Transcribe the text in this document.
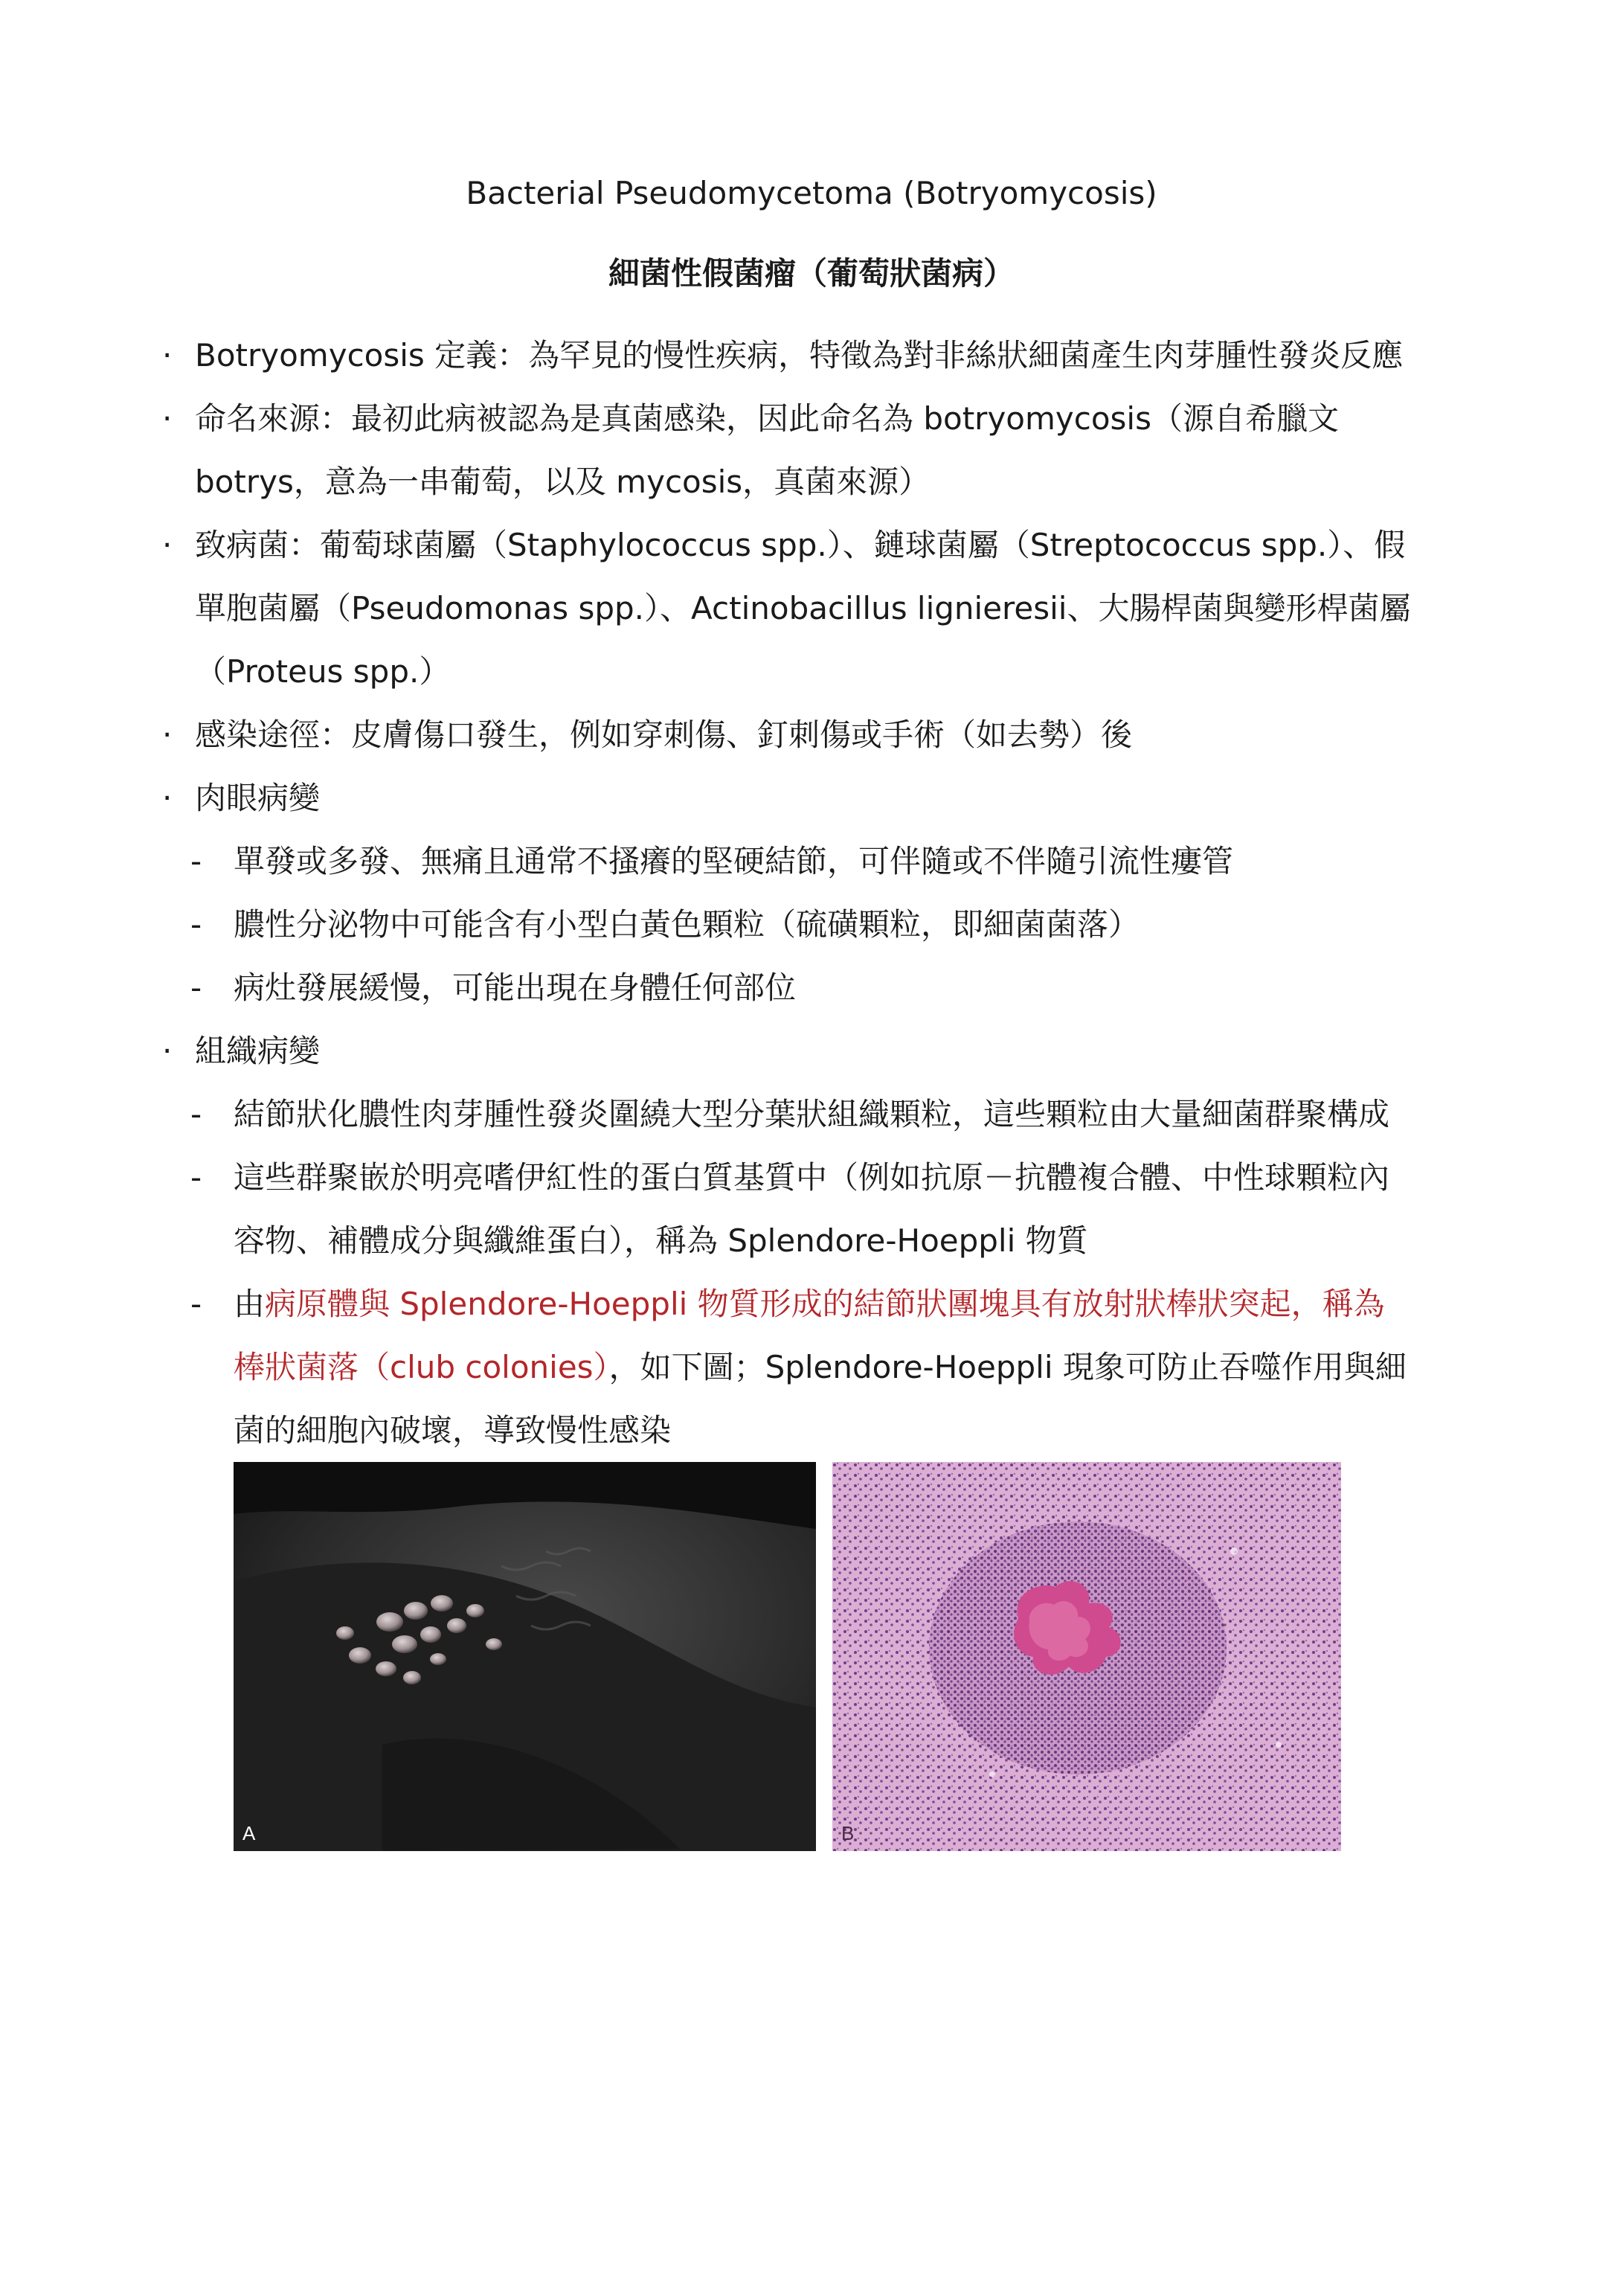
Bacterial Pseudomycetoma (Botryomycosis)
細菌性假菌瘤（葡萄狀菌病）
· Botryomycosis 定義：為罕見的慢性疾病，特徵為對非絲狀細菌產生肉芽腫性發炎反應
· 命名來源：最初此病被認為是真菌感染，因此命名為 botryomycosis（源自希臘文
botrys，意為一串葡萄，以及 mycosis，真菌來源）
· 致病菌：葡萄球菌屬（Staphylococcus spp.）、鏈球菌屬（Streptococcus spp.）、假
單胞菌屬（Pseudomonas spp.）、Actinobacillus lignieresii、大腸桿菌與變形桿菌屬
（Proteus spp.）
· 感染途徑：皮膚傷口發生，例如穿刺傷、釘刺傷或手術（如去勢）後
· 肉眼病變
- 單發或多發、無痛且通常不搔癢的堅硬結節，可伴隨或不伴隨引流性瘻管
- 膿性分泌物中可能含有小型白黃色顆粒（硫磺顆粒，即細菌菌落）
- 病灶發展緩慢，可能出現在身體任何部位
· 組織病變
- 結節狀化膿性肉芽腫性發炎圍繞大型分葉狀組織顆粒，這些顆粒由大量細菌群聚構成
- 這些群聚嵌於明亮嗜伊紅性的蛋白質基質中（例如抗原－抗體複合體、中性球顆粒內
容物、補體成分與纖維蛋白），稱為 Splendore-Hoeppli 物質
- 由病原體與 Splendore-Hoeppli 物質形成的結節狀團塊具有放射狀棒狀突起，稱為
棒狀菌落（club colonies），如下圖；Splendore-Hoeppli 現象可防止吞噬作用與細
菌的細胞內破壞，導致慢性感染
A	B
